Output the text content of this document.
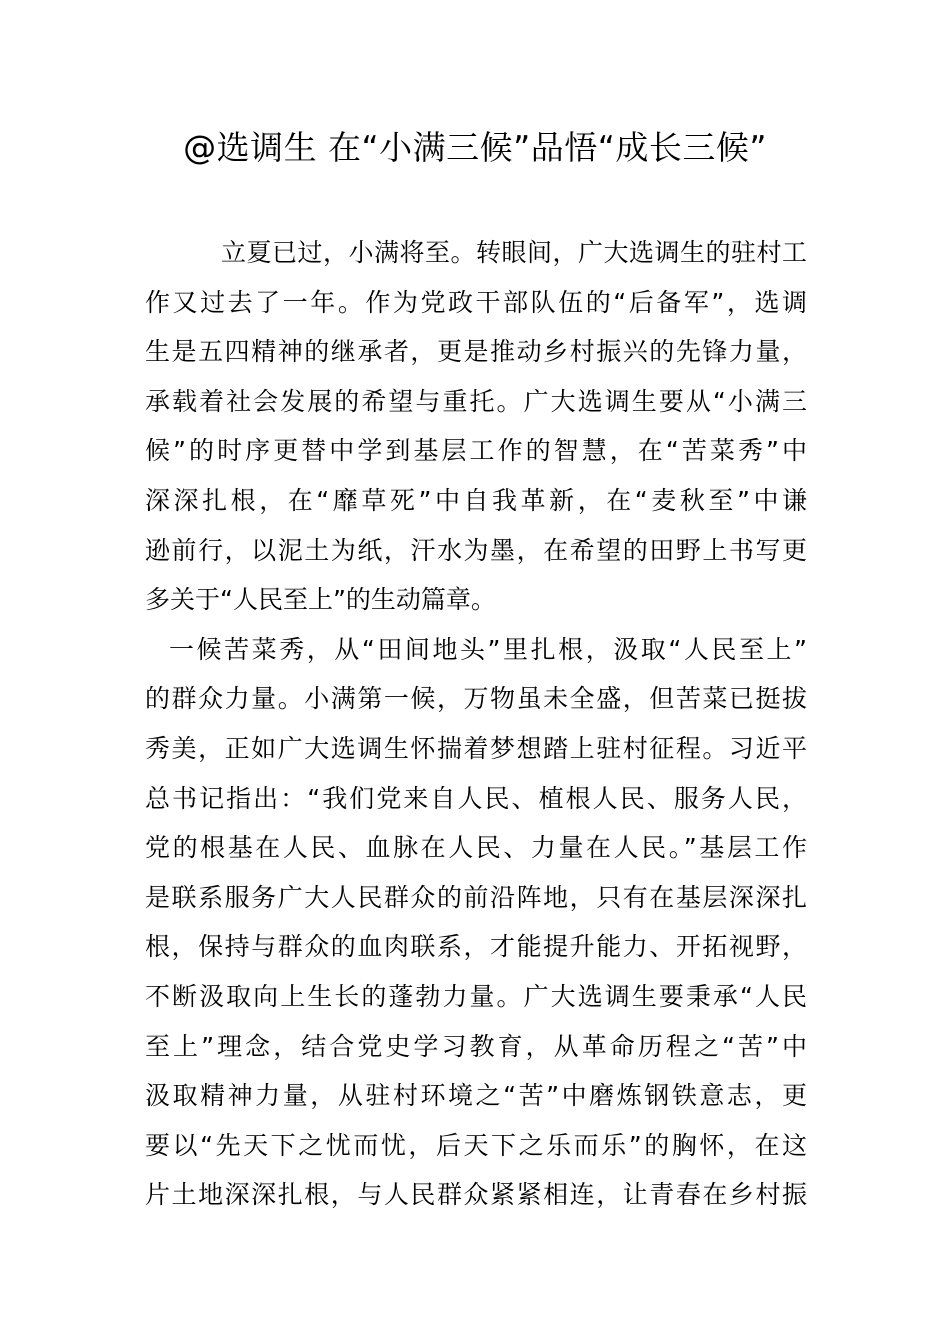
@选调生 在“小满三候”品悟“成长三候”
立夏已过，小满将至。转眼间，广大选调生的驻村工
作又过去了一年。作为党政干部队伍的“后备军”，选调
生是五四精神的继承者，更是推动乡村振兴的先锋力量，
承载着社会发展的希望与重托。广大选调生要从“小满三
候”的时序更替中学到基层工作的智慧，在“苦菜秀”中
深深扎根，在“靡草死”中自我革新，在“麦秋至”中谦
逊前行，以泥土为纸，汗水为墨，在希望的田野上书写更
多关于“人民至上”的生动篇章。
一候苦菜秀，从“田间地头”里扎根，汲取“人民至上”
的群众力量。小满第一候，万物虽未全盛，但苦菜已挺拔
秀美，正如广大选调生怀揣着梦想踏上驻村征程。习近平
总书记指出：“我们党来自人民、植根人民、服务人民，
党的根基在人民、血脉在人民、力量在人民。”基层工作
是联系服务广大人民群众的前沿阵地，只有在基层深深扎
根，保持与群众的血肉联系，才能提升能力、开拓视野，
不断汲取向上生长的蓬勃力量。广大选调生要秉承“人民
至上”理念，结合党史学习教育，从革命历程之“苦”中
汲取精神力量，从驻村环境之“苦”中磨炼钢铁意志，更
要以“先天下之忧而忧，后天下之乐而乐”的胸怀，在这
片土地深深扎根，与人民群众紧紧相连，让青春在乡村振
